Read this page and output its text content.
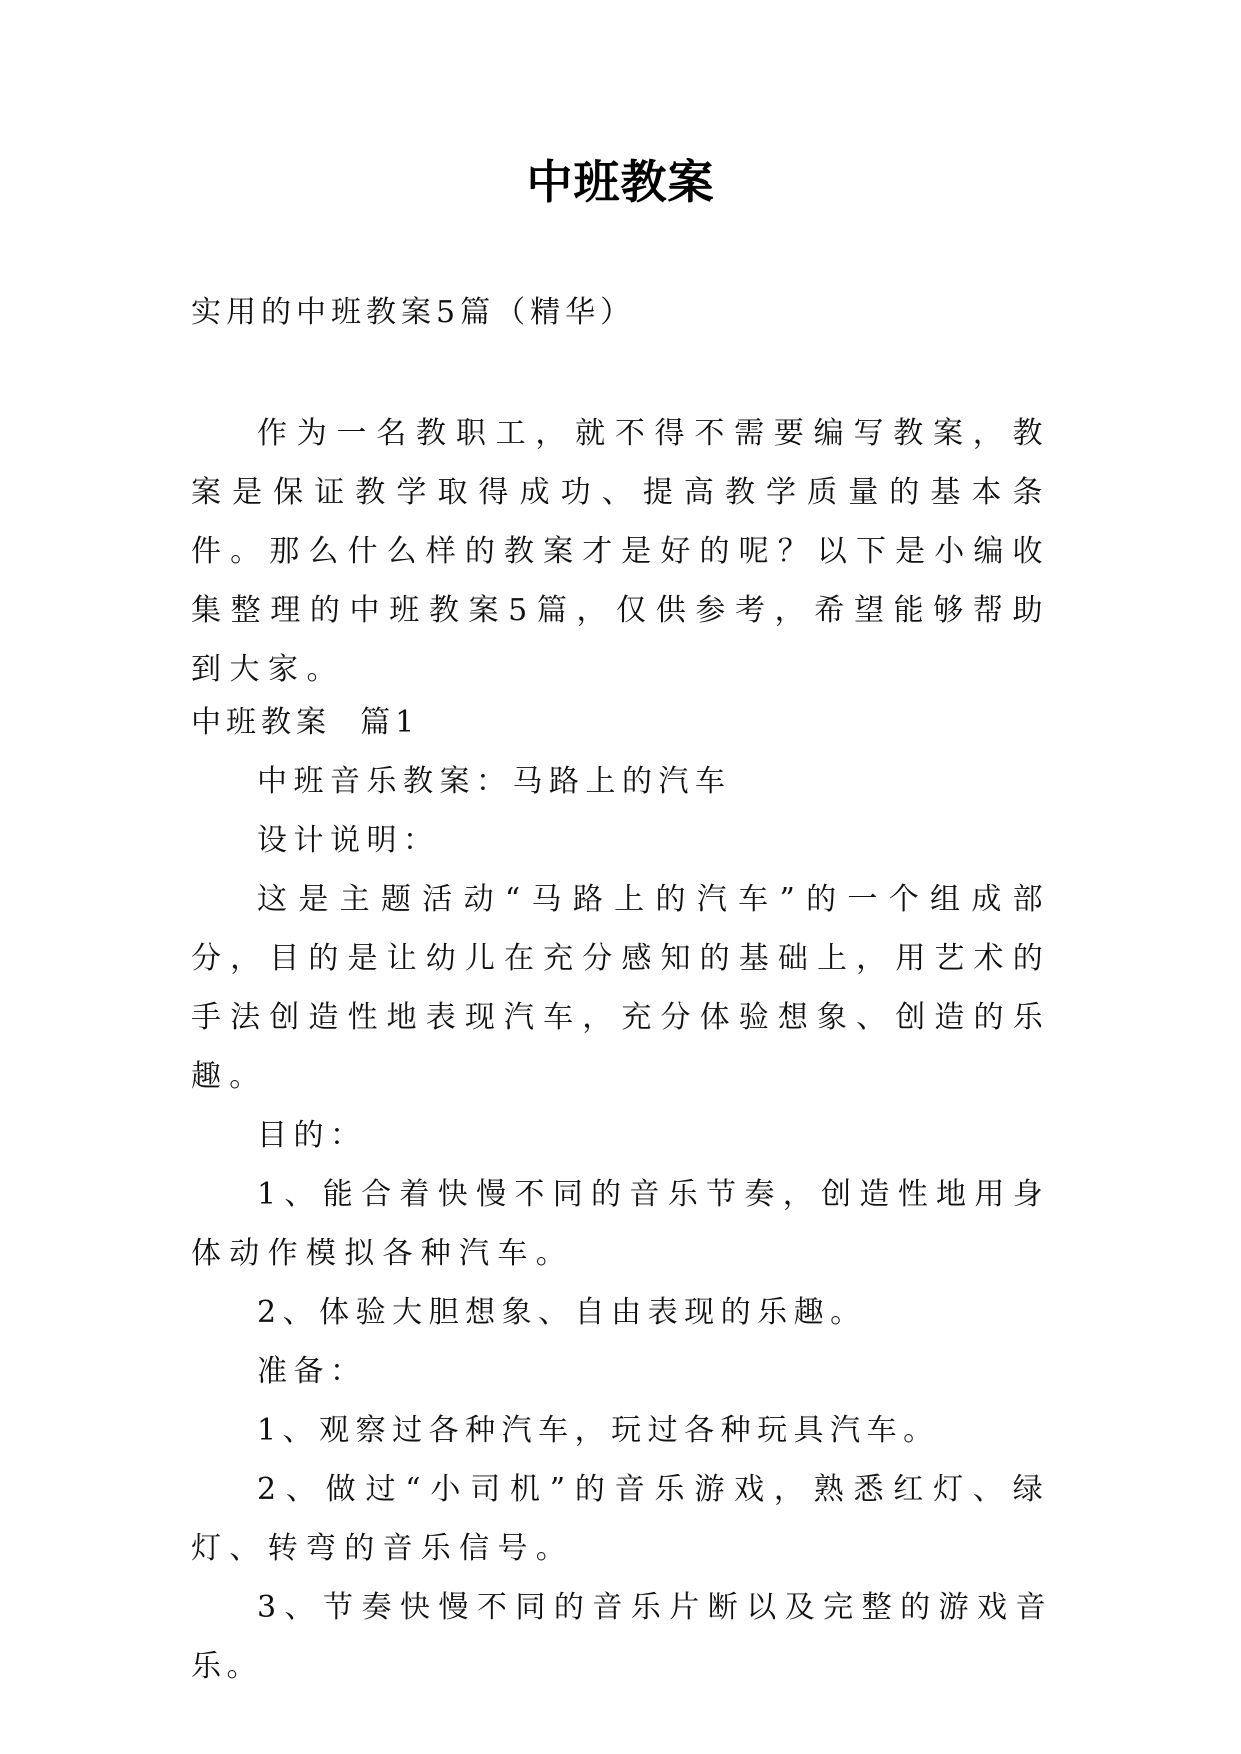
中班教案
实用的中班教案5篇（精华）
作为一名教职工，就不得不需要编写教案，教案是保证教学取得成功、提高教学质量的基本条件。那么什么样的教案才是好的呢？以下是小编收集整理的中班教案5篇，仅供参考，希望能够帮助到大家。
中班教案  篇1

中班音乐教案：马路上的汽车

设计说明：

这是主题活动“马路上的汽车”的一个组成部分，目的是让幼儿在充分感知的基础上，用艺术的手法创造性地表现汽车，充分体验想象、创造的乐趣。

目的：

1、能合着快慢不同的音乐节奏，创造性地用身体动作模拟各种汽车。

2、体验大胆想象、自由表现的乐趣。

准备：

1、观察过各种汽车，玩过各种玩具汽车。

2、做过“小司机”的音乐游戏，熟悉红灯、绿灯、转弯的音乐信号。

3、节奏快慢不同的音乐片断以及完整的游戏音乐。
